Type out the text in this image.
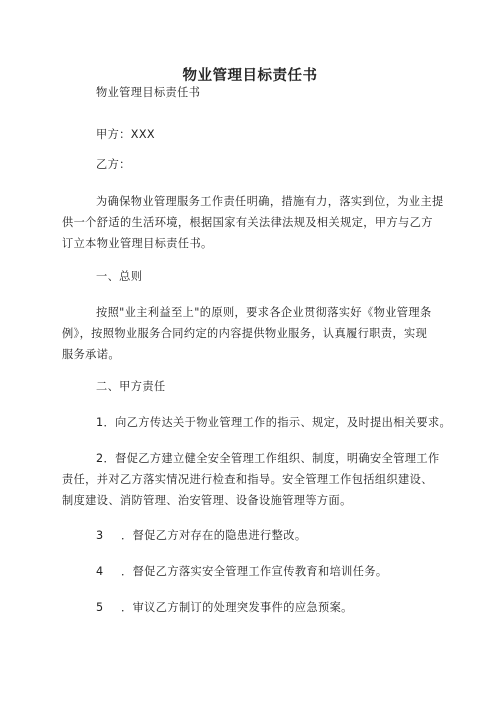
物业管理目标责任书
物业管理目标责任书
甲方：XXX
乙方：
为确保物业管理服务工作责任明确，措施有力，落实到位，为业主提
供一个舒适的生活环境，根据国家有关法律法规及相关规定，甲方与乙方
订立本物业管理目标责任书。
一、总则
按照"业主利益至上"的原则，要求各企业贯彻落实好《物业管理条
例》，按照物业服务合同约定的内容提供物业服务，认真履行职责，实现
服务承诺。
二、甲方责任
1．向乙方传达关于物业管理工作的指示、规定，及时提出相关要求。
2．督促乙方建立健全安全管理工作组织、制度，明确安全管理工作
责任，并对乙方落实情况进行检查和指导。安全管理工作包括组织建设、
制度建设、消防管理、治安管理、设备设施管理等方面。
3 ．督促乙方对存在的隐患进行整改。
4 ．督促乙方落实安全管理工作宣传教育和培训任务。
5 ．审议乙方制订的处理突发事件的应急预案。
